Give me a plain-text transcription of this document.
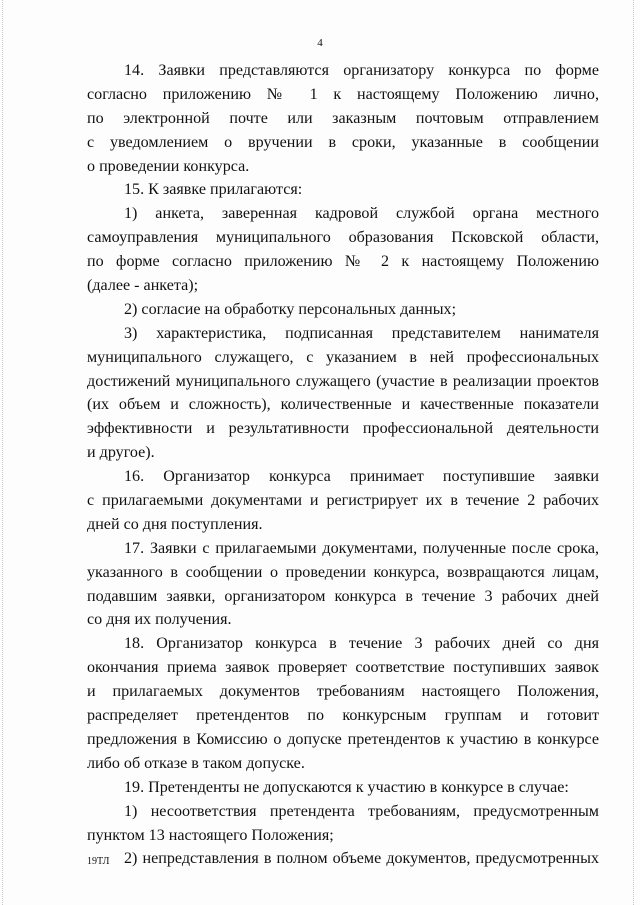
4
14. Заявки представляются организатору конкурса по форме
согласно приложению № 1 к настоящему Положению лично,
по электронной почте или заказным почтовым отправлением
с уведомлением о вручении в сроки, указанные в сообщении
о проведении конкурса.
15. К заявке прилагаются:
1) анкета, заверенная кадровой службой органа местного
самоуправления муниципального образования Псковской области,
по форме согласно приложению № 2 к настоящему Положению
(далее - анкета);
2) согласие на обработку персональных данных;
3) характеристика, подписанная представителем нанимателя
муниципального служащего, с указанием в ней профессиональных
достижений муниципального служащего (участие в реализации проектов
(их объем и сложность), количественные и качественные показатели
эффективности и результативности профессиональной деятельности
и другое).
16. Организатор конкурса принимает поступившие заявки
с прилагаемыми документами и регистрирует их в течение 2 рабочих
дней со дня поступления.
17. Заявки с прилагаемыми документами, полученные после срока,
указанного в сообщении о проведении конкурса, возвращаются лицам,
подавшим заявки, организатором конкурса в течение 3 рабочих дней
со дня их получения.
18. Организатор конкурса в течение 3 рабочих дней со дня
окончания приема заявок проверяет соответствие поступивших заявок
и прилагаемых документов требованиям настоящего Положения,
распределяет претендентов по конкурсным группам и готовит
предложения в Комиссию о допуске претендентов к участию в конкурсе
либо об отказе в таком допуске.
19. Претенденты не допускаются к участию в конкурсе в случае:
1) несоответствия претендента требованиям, предусмотренным
пунктом 13 настоящего Положения;
2) непредставления в полном объеме документов, предусмотренных
19ТЛ
